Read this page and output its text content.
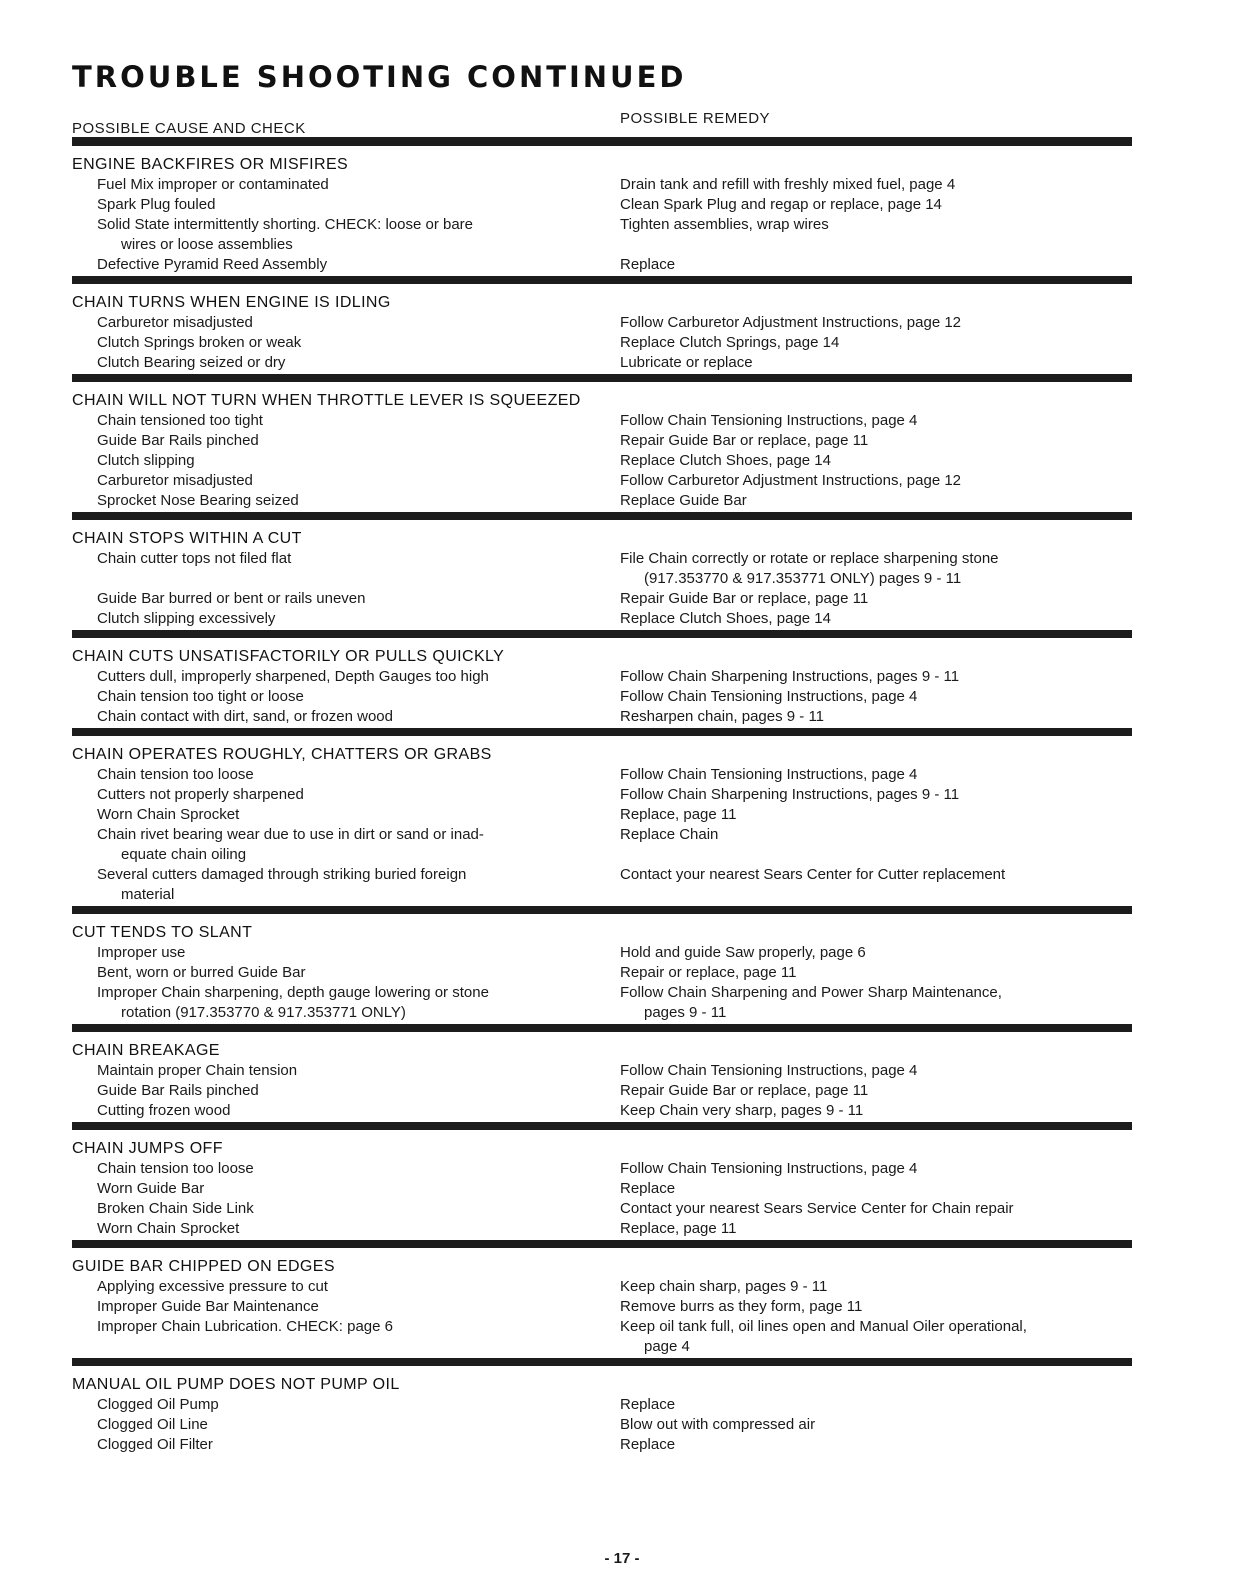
TROUBLE SHOOTING CONTINUED
POSSIBLE CAUSE AND CHECK
POSSIBLE REMEDY
ENGINE BACKFIRES OR MISFIRES
Fuel Mix improper or contaminated	Drain tank and refill with freshly mixed fuel, page 4
Spark Plug fouled	Clean Spark Plug and regap or replace, page 14
Solid State intermittently shorting. CHECK: loose or bare	Tighten assemblies, wrap wires
wires or loose assemblies
Defective Pyramid Reed Assembly	Replace
CHAIN TURNS WHEN ENGINE IS IDLING
Carburetor misadjusted	Follow Carburetor Adjustment Instructions, page 12
Clutch Springs broken or weak	Replace Clutch Springs, page 14
Clutch Bearing seized or dry	Lubricate or replace
CHAIN WILL NOT TURN WHEN THROTTLE LEVER IS SQUEEZED
Chain tensioned too tight	Follow Chain Tensioning Instructions, page 4
Guide Bar Rails pinched	Repair Guide Bar or replace, page 11
Clutch slipping	Replace Clutch Shoes, page 14
Carburetor misadjusted	Follow Carburetor Adjustment Instructions, page 12
Sprocket Nose Bearing seized	Replace Guide Bar
CHAIN STOPS WITHIN A CUT
Chain cutter tops not filed flat	File Chain correctly or rotate or replace sharpening stone
(917.353770 & 917.353771 ONLY) pages 9 - 11
Guide Bar burred or bent or rails uneven	Repair Guide Bar or replace, page 11
Clutch slipping excessively	Replace Clutch Shoes, page 14
CHAIN CUTS UNSATISFACTORILY OR PULLS QUICKLY
Cutters dull, improperly sharpened, Depth Gauges too high	Follow Chain Sharpening Instructions, pages 9 - 11
Chain tension too tight or loose	Follow Chain Tensioning Instructions, page 4
Chain contact with dirt, sand, or frozen wood	Resharpen chain, pages 9 - 11
CHAIN OPERATES ROUGHLY, CHATTERS OR GRABS
Chain tension too loose	Follow Chain Tensioning Instructions, page 4
Cutters not properly sharpened	Follow Chain Sharpening Instructions, pages 9 - 11
Worn Chain Sprocket	Replace, page 11
Chain rivet bearing wear due to use in dirt or sand or inad-	Replace Chain
equate chain oiling
Several cutters damaged through striking buried foreign	Contact your nearest Sears Center for Cutter replacement
material
CUT TENDS TO SLANT
Improper use	Hold and guide Saw properly, page 6
Bent, worn or burred Guide Bar	Repair or replace, page 11
Improper Chain sharpening, depth gauge lowering or stone	Follow Chain Sharpening and Power Sharp Maintenance,
rotation (917.353770 & 917.353771 ONLY)	pages 9 - 11
CHAIN BREAKAGE
Maintain proper Chain tension	Follow Chain Tensioning Instructions, page 4
Guide Bar Rails pinched	Repair Guide Bar or replace, page 11
Cutting frozen wood	Keep Chain very sharp, pages 9 - 11
CHAIN JUMPS OFF
Chain tension too loose	Follow Chain Tensioning Instructions, page 4
Worn Guide Bar	Replace
Broken Chain Side Link	Contact your nearest Sears Service Center for Chain repair
Worn Chain Sprocket	Replace, page 11
GUIDE BAR CHIPPED ON EDGES
Applying excessive pressure to cut	Keep chain sharp, pages 9 - 11
Improper Guide Bar Maintenance	Remove burrs as they form, page 11
Improper Chain Lubrication. CHECK: page 6	Keep oil tank full, oil lines open and Manual Oiler operational,
page 4
MANUAL OIL PUMP DOES NOT PUMP OIL
Clogged Oil Pump	Replace
Clogged Oil Line	Blow out with compressed air
Clogged Oil Filter	Replace
- 17 -
